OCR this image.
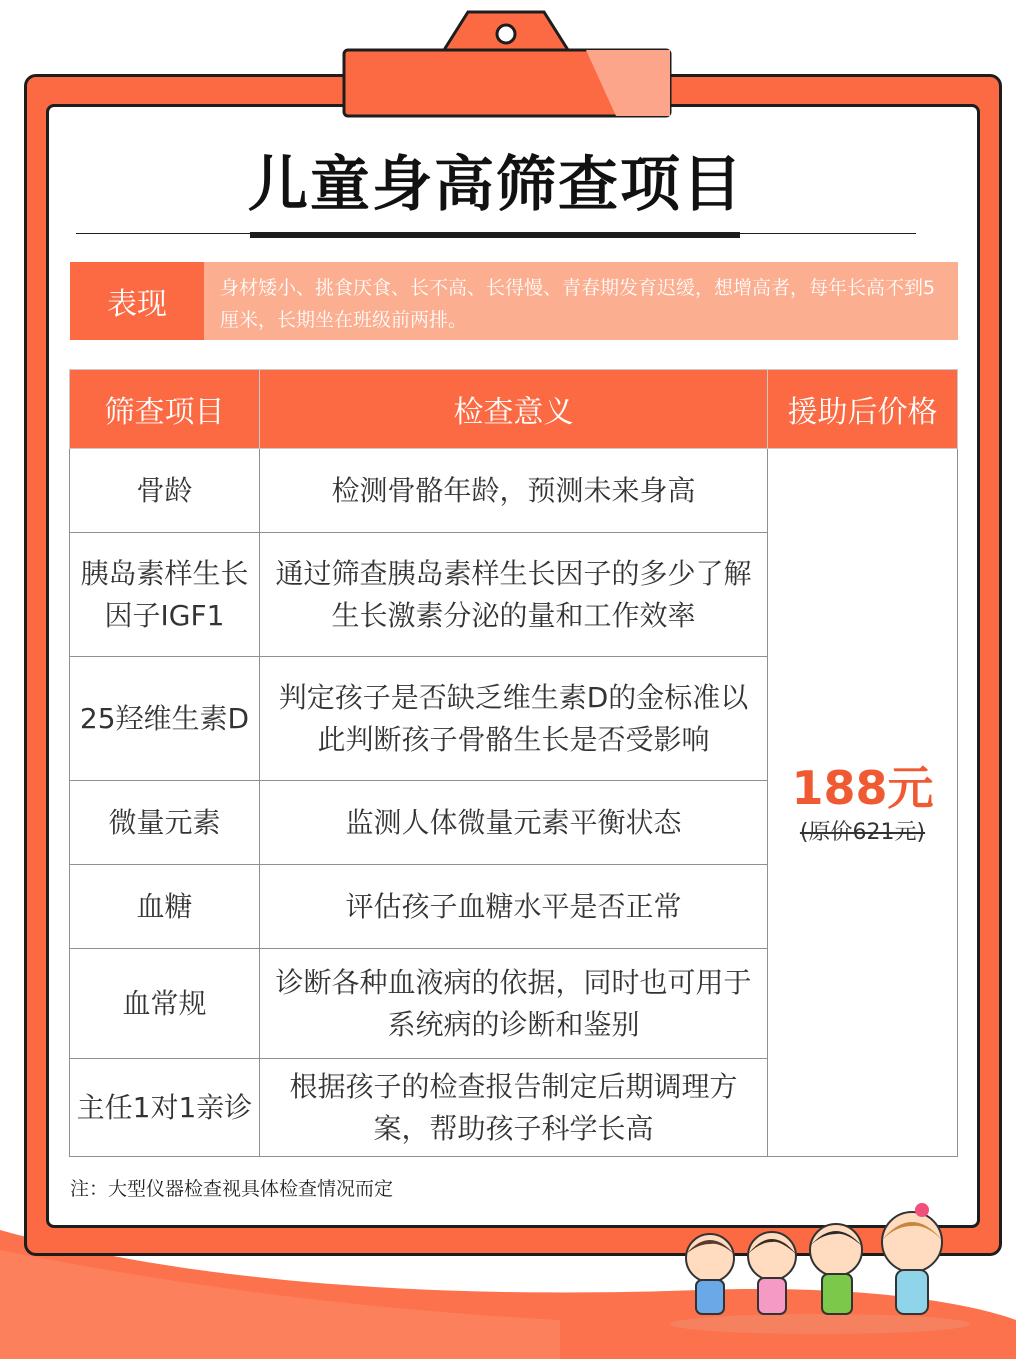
儿童身高筛查项目
表现	身材矮小、挑食厌食、长不高、长得慢、青春期发育迟缓，想增高者，每年长高不到5厘米，长期坐在班级前两排。
筛查项目	检查意义	援助后价格
骨龄	检测骨骼年龄，预测未来身高	188元
(原价621元)

胰岛素样生长因子IGF1	通过筛查胰岛素样生长因子的多少了解生长激素分泌的量和工作效率	
25羟维生素D	判定孩子是否缺乏维生素D的金标准以此判断孩子骨骼生长是否受影响	
微量元素	监测人体微量元素平衡状态	
血糖	评估孩子血糖水平是否正常	
血常规	诊断各种血液病的依据，同时也可用于系统病的诊断和鉴别	
主任1对1亲诊	根据孩子的检查报告制定后期调理方案，帮助孩子科学长高	
注：大型仪器检查视具体检查情况而定
